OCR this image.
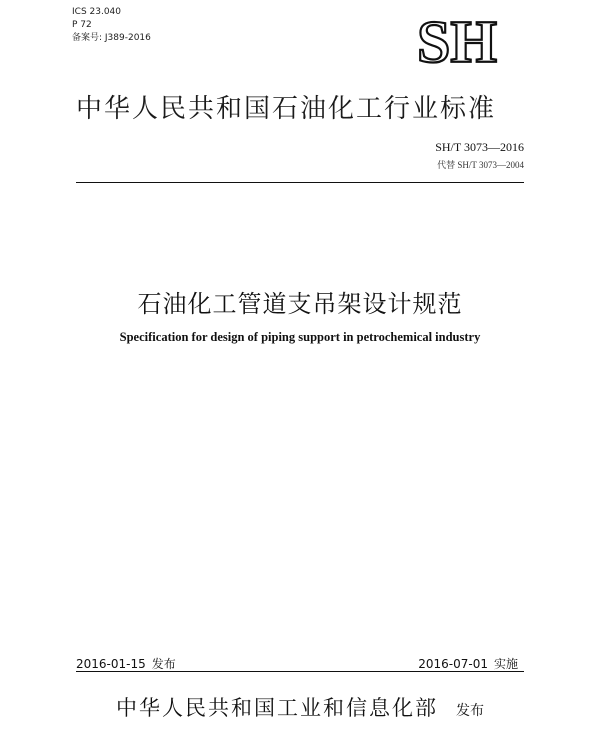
ICS 23.040
P 72
备案号: J389-2016	SH
中华人民共和国石油化工行业标准
SH/T 3073—2016
代替 SH/T 3073—2004
石油化工管道支吊架设计规范
Specification for design of piping support in petrochemical industry
2016-01-15 发布	2016-07-01 实施
中华人民共和国工业和信息化部 发布
